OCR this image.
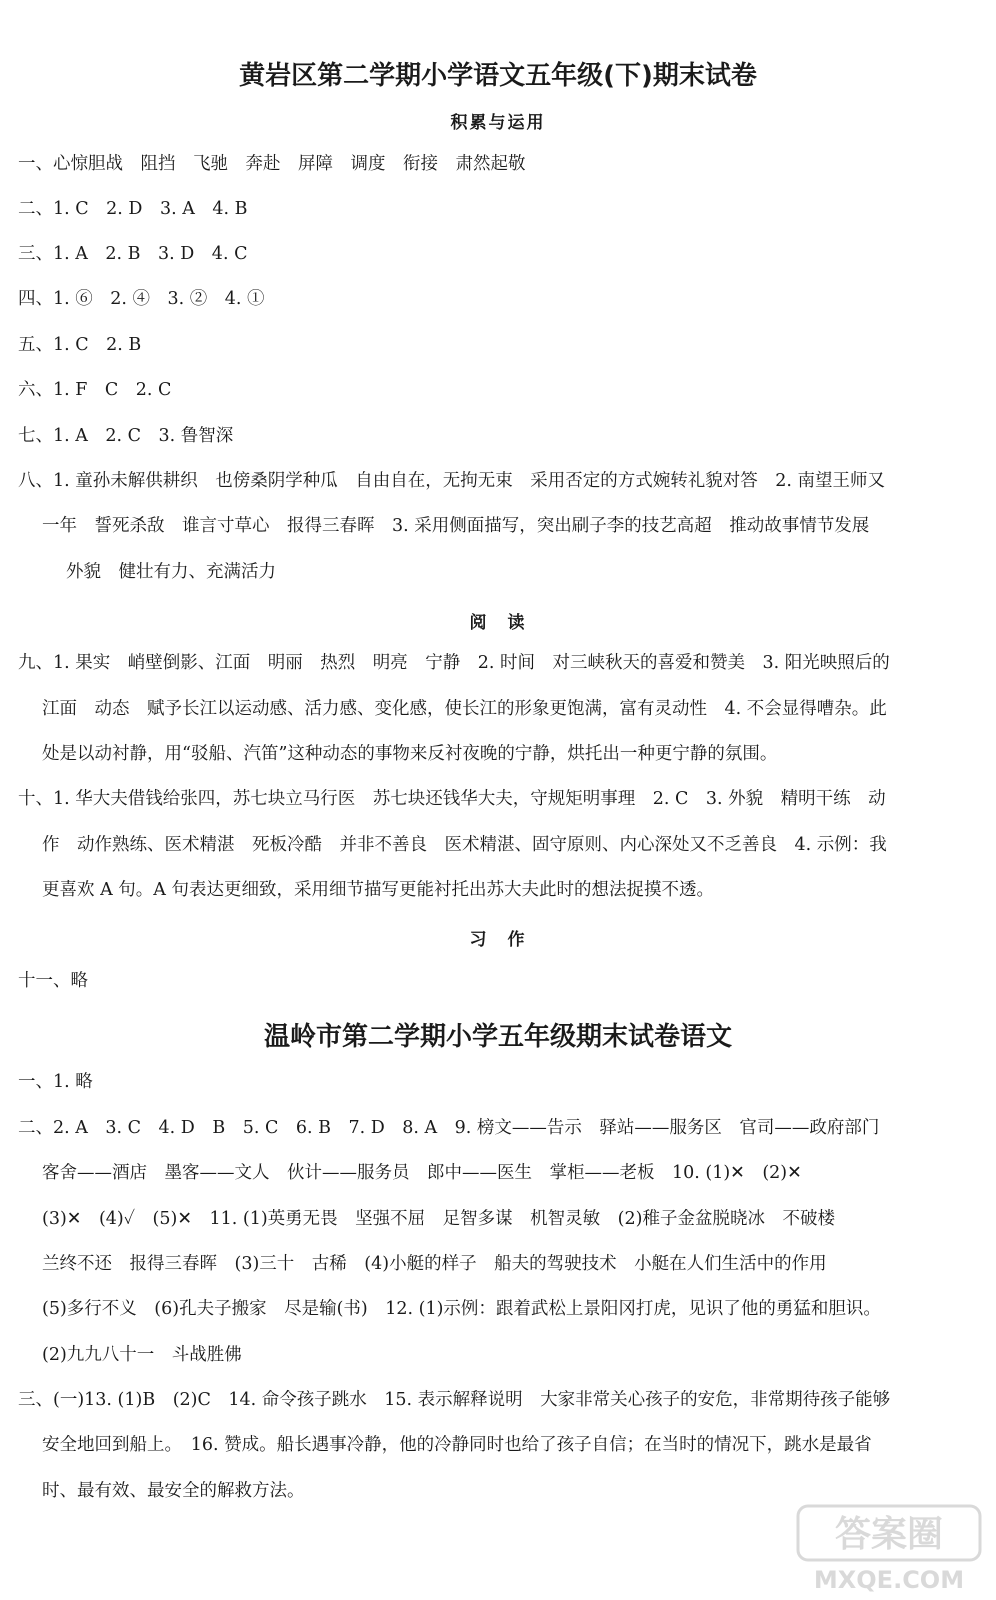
黄岩区第二学期小学语文五年级(下)期末试卷
积累与运用
一、心惊胆战　阻挡　飞驰　奔赴　屏障　调度　衔接　肃然起敬
二、1. C　2. D　3. A　4. B
三、1. A　2. B　3. D　4. C
四、1. ⑥　2. ④　3. ②　4. ①
五、1. C　2. B
六、1. F　C　2. C
七、1. A　2. C　3. 鲁智深
八、1. 童孙未解供耕织　也傍桑阴学种瓜　自由自在，无拘无束　采用否定的方式婉转礼貌对答　2. 南望王师又
一年　誓死杀敌　谁言寸草心　报得三春晖　3. 采用侧面描写，突出刷子李的技艺高超　推动故事情节发展
外貌　健壮有力、充满活力
阅　读
九、1. 果实　峭壁倒影、江面　明丽　热烈　明亮　宁静　2. 时间　对三峡秋天的喜爱和赞美　3. 阳光映照后的
江面　动态　赋予长江以运动感、活力感、变化感，使长江的形象更饱满，富有灵动性　4. 不会显得嘈杂。此
处是以动衬静，用“驳船、汽笛”这种动态的事物来反衬夜晚的宁静，烘托出一种更宁静的氛围。
十、1. 华大夫借钱给张四，苏七块立马行医　苏七块还钱华大夫，守规矩明事理　2. C　3. 外貌　精明干练　动
作　动作熟练、医术精湛　死板冷酷　并非不善良　医术精湛、固守原则、内心深处又不乏善良　4. 示例：我
更喜欢 A 句。A 句表达更细致，采用细节描写更能衬托出苏大夫此时的想法捉摸不透。
习　作
十一、略
温岭市第二学期小学五年级期末试卷语文
一、1. 略
二、2. A　3. C　4. D　B　5. C　6. B　7. D　8. A　9. 榜文——告示　驿站——服务区　官司——政府部门
客舍——酒店　墨客——文人　伙计——服务员　郎中——医生　掌柜——老板　10. (1)✕　(2)✕
(3)✕　(4)✓　(5)✕　11. (1)英勇无畏　坚强不屈　足智多谋　机智灵敏　(2)稚子金盆脱晓冰　不破楼
兰终不还　报得三春晖　(3)三十　古稀　(4)小艇的样子　船夫的驾驶技术　小艇在人们生活中的作用
(5)多行不义　(6)孔夫子搬家　尽是输(书)　12. (1)示例：跟着武松上景阳冈打虎，见识了他的勇猛和胆识。
(2)九九八十一　斗战胜佛
三、(一)13. (1)B　(2)C　14. 命令孩子跳水　15. 表示解释说明　大家非常关心孩子的安危，非常期待孩子能够
安全地回到船上。　16. 赞成。船长遇事冷静，他的冷静同时也给了孩子自信；在当时的情况下，跳水是最省
时、最有效、最安全的解救方法。
答案圈
MXQE.COM
